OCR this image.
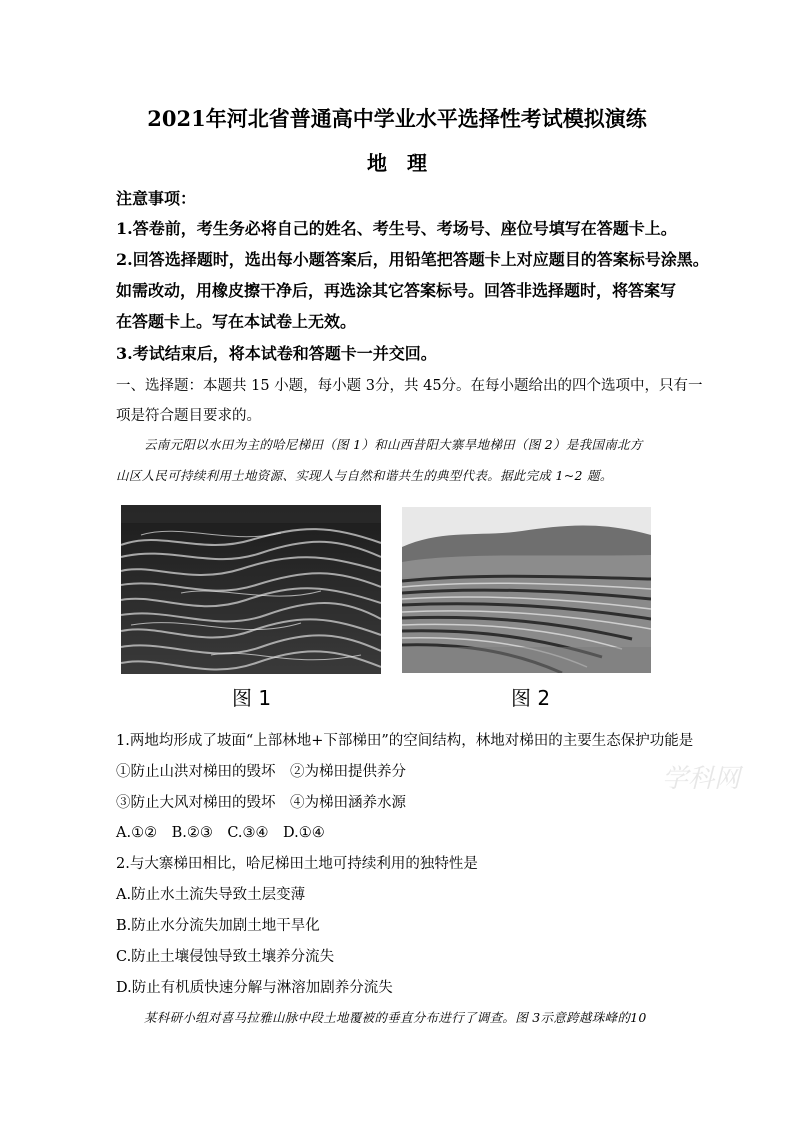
2021年河北省普通高中学业水平选择性考试模拟演练
地　理
注意事项：
1.答卷前，考生务必将自己的姓名、考生号、考场号、座位号填写在答题卡上。
2.回答选择题时，选出每小题答案后，用铅笔把答题卡上对应题目的答案标号涂黑。
如需改动，用橡皮擦干净后，再选涂其它答案标号。回答非选择题时，将答案写
在答题卡上。写在本试卷上无效。
3.考试结束后，将本试卷和答题卡一并交回。
一、选择题：本题共 15 小题，每小题 3分，共 45分。在每小题给出的四个选项中，只有一
项是符合题目要求的。
云南元阳以水田为主的哈尼梯田（图 1）和山西昔阳大寨旱地梯田（图 2）是我国南北方
山区人民可持续利用土地资源、实现人与自然和谐共生的典型代表。据此完成 1~2 题。
图 1	图 2
1.两地均形成了坡面“上部林地+下部梯田”的空间结构，林地对梯田的主要生态保护功能是
①防止山洪对梯田的毁坏　②为梯田提供养分
③防止大风对梯田的毁坏　④为梯田涵养水源
A.①②　B.②③　C.③④　D.①④
学科网
2.与大寨梯田相比，哈尼梯田土地可持续利用的独特性是
A.防止水土流失导致土层变薄
B.防止水分流失加剧土地干旱化
C.防止土壤侵蚀导致土壤养分流失
D.防止有机质快速分解与淋溶加剧养分流失
某科研小组对喜马拉雅山脉中段土地覆被的垂直分布进行了调查。图 3示意跨越珠峰的10
